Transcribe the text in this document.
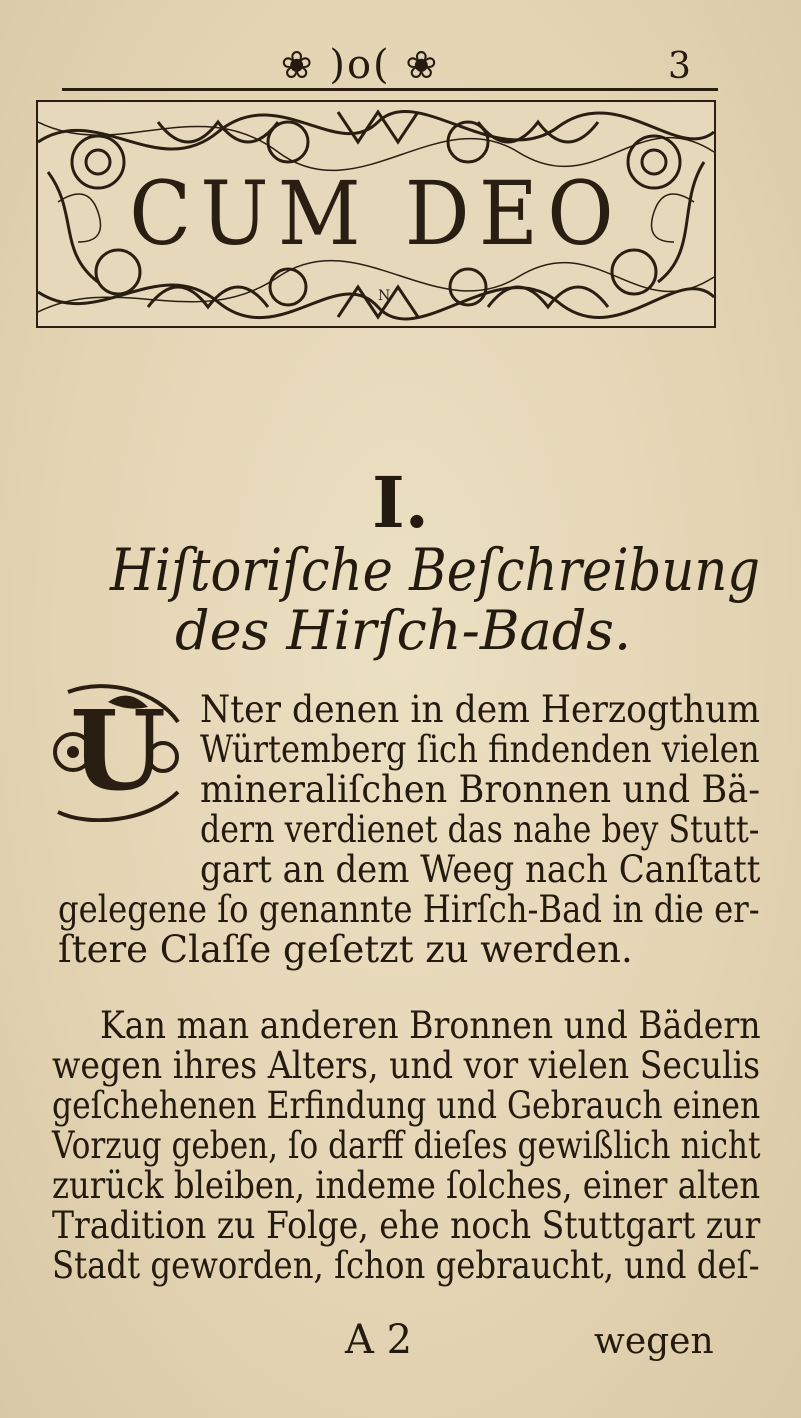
❀ )o( ❀	3
CUM DEO
N
I.
Hiſtoriſche Beſchreibung
des Hirſch-Bads.
U Nter denen in dem Herzogthum
Würtemberg ſich findenden vielen
mineraliſchen Bronnen und Bä-
dern verdienet das nahe bey Stutt-
gart an dem Weeg nach Canſtatt
gelegene ſo genannte Hirſch-Bad in die er-
ſtere Claſſe geſetzt zu werden.
Kan man anderen Bronnen und Bädern
wegen ihres Alters, und vor vielen Seculis
geſchehenen Erfindung und Gebrauch einen
Vorzug geben, ſo darff dieſes gewißlich nicht
zurück bleiben, indeme ſolches, einer alten
Tradition zu Folge, ehe noch Stuttgart zur
Stadt geworden, ſchon gebraucht, und deſ-
A 2	wegen
